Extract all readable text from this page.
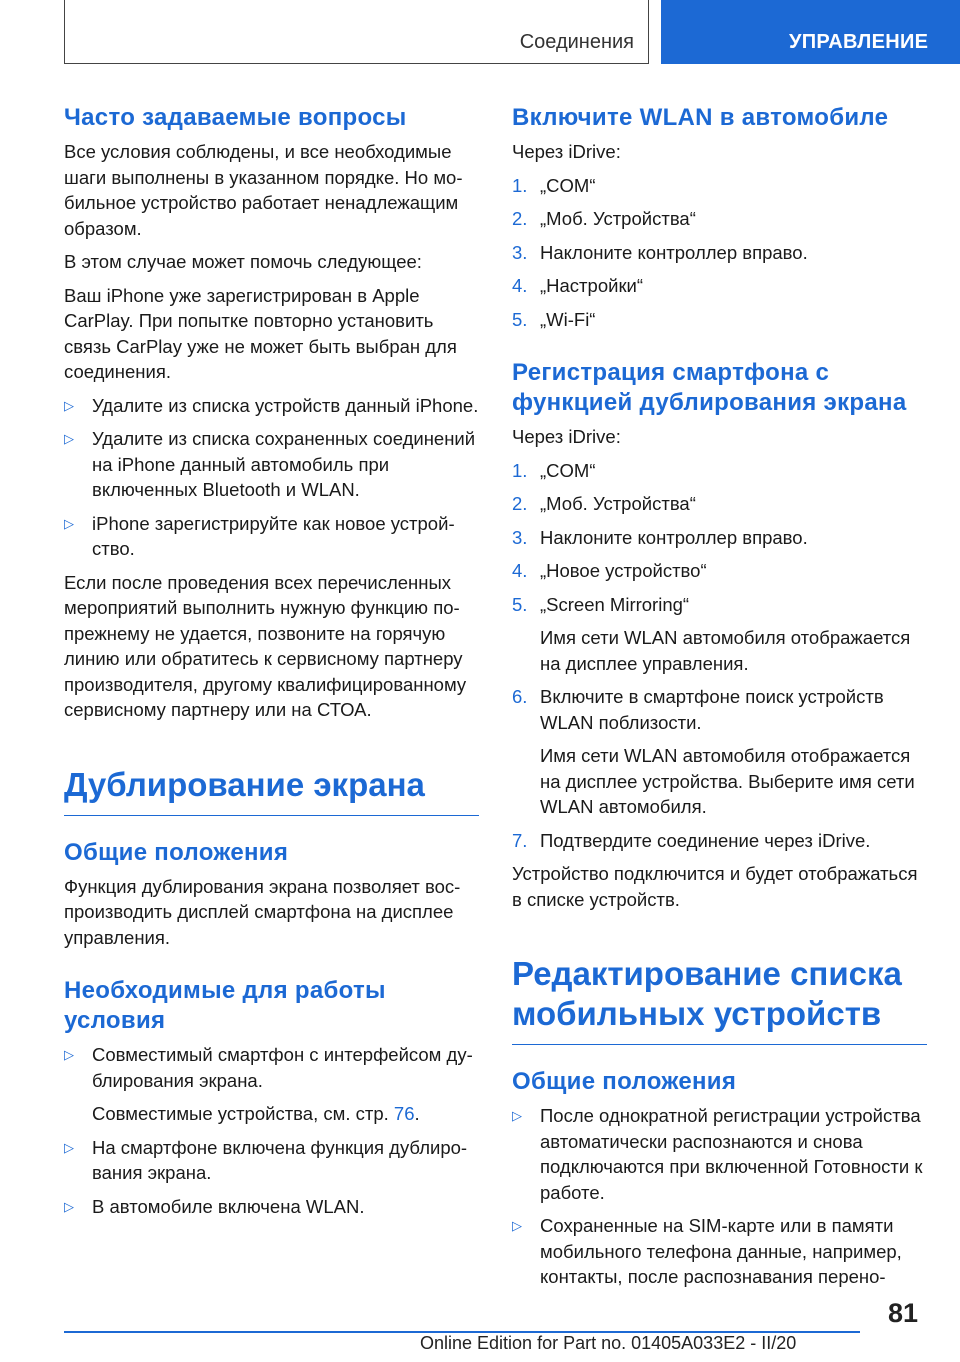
Соединения	УПРАВЛЕНИЕ
Часто задаваемые вопросы

Все условия соблюдены, и все необходимые шаги выполнены в указанном порядке. Но мобильное устройство работает ненадлежащим образом.

В этом случае может помочь следующее:

Ваш iPhone уже зарегистрирован в Apple CarPlay. При попытке повторно установить связь CarPlay уже не может быть выбран для соединения.

▷ Удалите из списка устройств данный iPhone.
▷ Удалите из списка сохраненных соединений на iPhone данный автомобиль при включенных Bluetooth и WLAN.
▷ iPhone зарегистрируйте как новое устройство.

Если после проведения всех перечисленных мероприятий выполнить нужную функцию попрежнему не удается, позвоните на горячую линию или обратитесь к сервисному партнеру производителя, другому квалифицированному сервисному партнеру или на СТОА.

Дублирование экрана
Общие положения

Функция дублирования экрана позволяет воспроизводить дисплей смартфона на дисплее управления.

Необходимые для работы условия
▷ Совместимый смартфон с интерфейсом дублирования экрана.
Совместимые устройства, см. стр. 76.
▷ На смартфоне включена функция дублирования экрана.
▷ В автомобиле включена WLAN.
Включите WLAN в автомобиле

Через iDrive:

1. „COM“
2. „Моб. Устройства“
3. Наклоните контроллер вправо.
4. „Настройки“
5. „Wi-Fi“
Регистрация смартфона с функцией дублирования экрана

Через iDrive:

1. „COM“
2. „Моб. Устройства“
3. Наклоните контроллер вправо.
4. „Новое устройство“
5. „Screen Mirroring“
Имя сети WLAN автомобиля отображается на дисплее управления.
6. Включите в смартфоне поиск устройств WLAN поблизости.
Имя сети WLAN автомобиля отображается на дисплее устройства. Выберите имя сети WLAN автомобиля.
7. Подтвердите соединение через iDrive.

Устройство подключится и будет отображаться в списке устройств.

Редактирование списка мобильных устройств
Общие положения
▷ После однократной регистрации устройства автоматически распознаются и снова подключаются при включенной Готовности к работе.
▷ Сохраненные на SIM-карте или в памяти мобильного телефона данные, например, контакты, после распознавания перено-
81
Online Edition for Part no. 01405A033E2 - II/20
